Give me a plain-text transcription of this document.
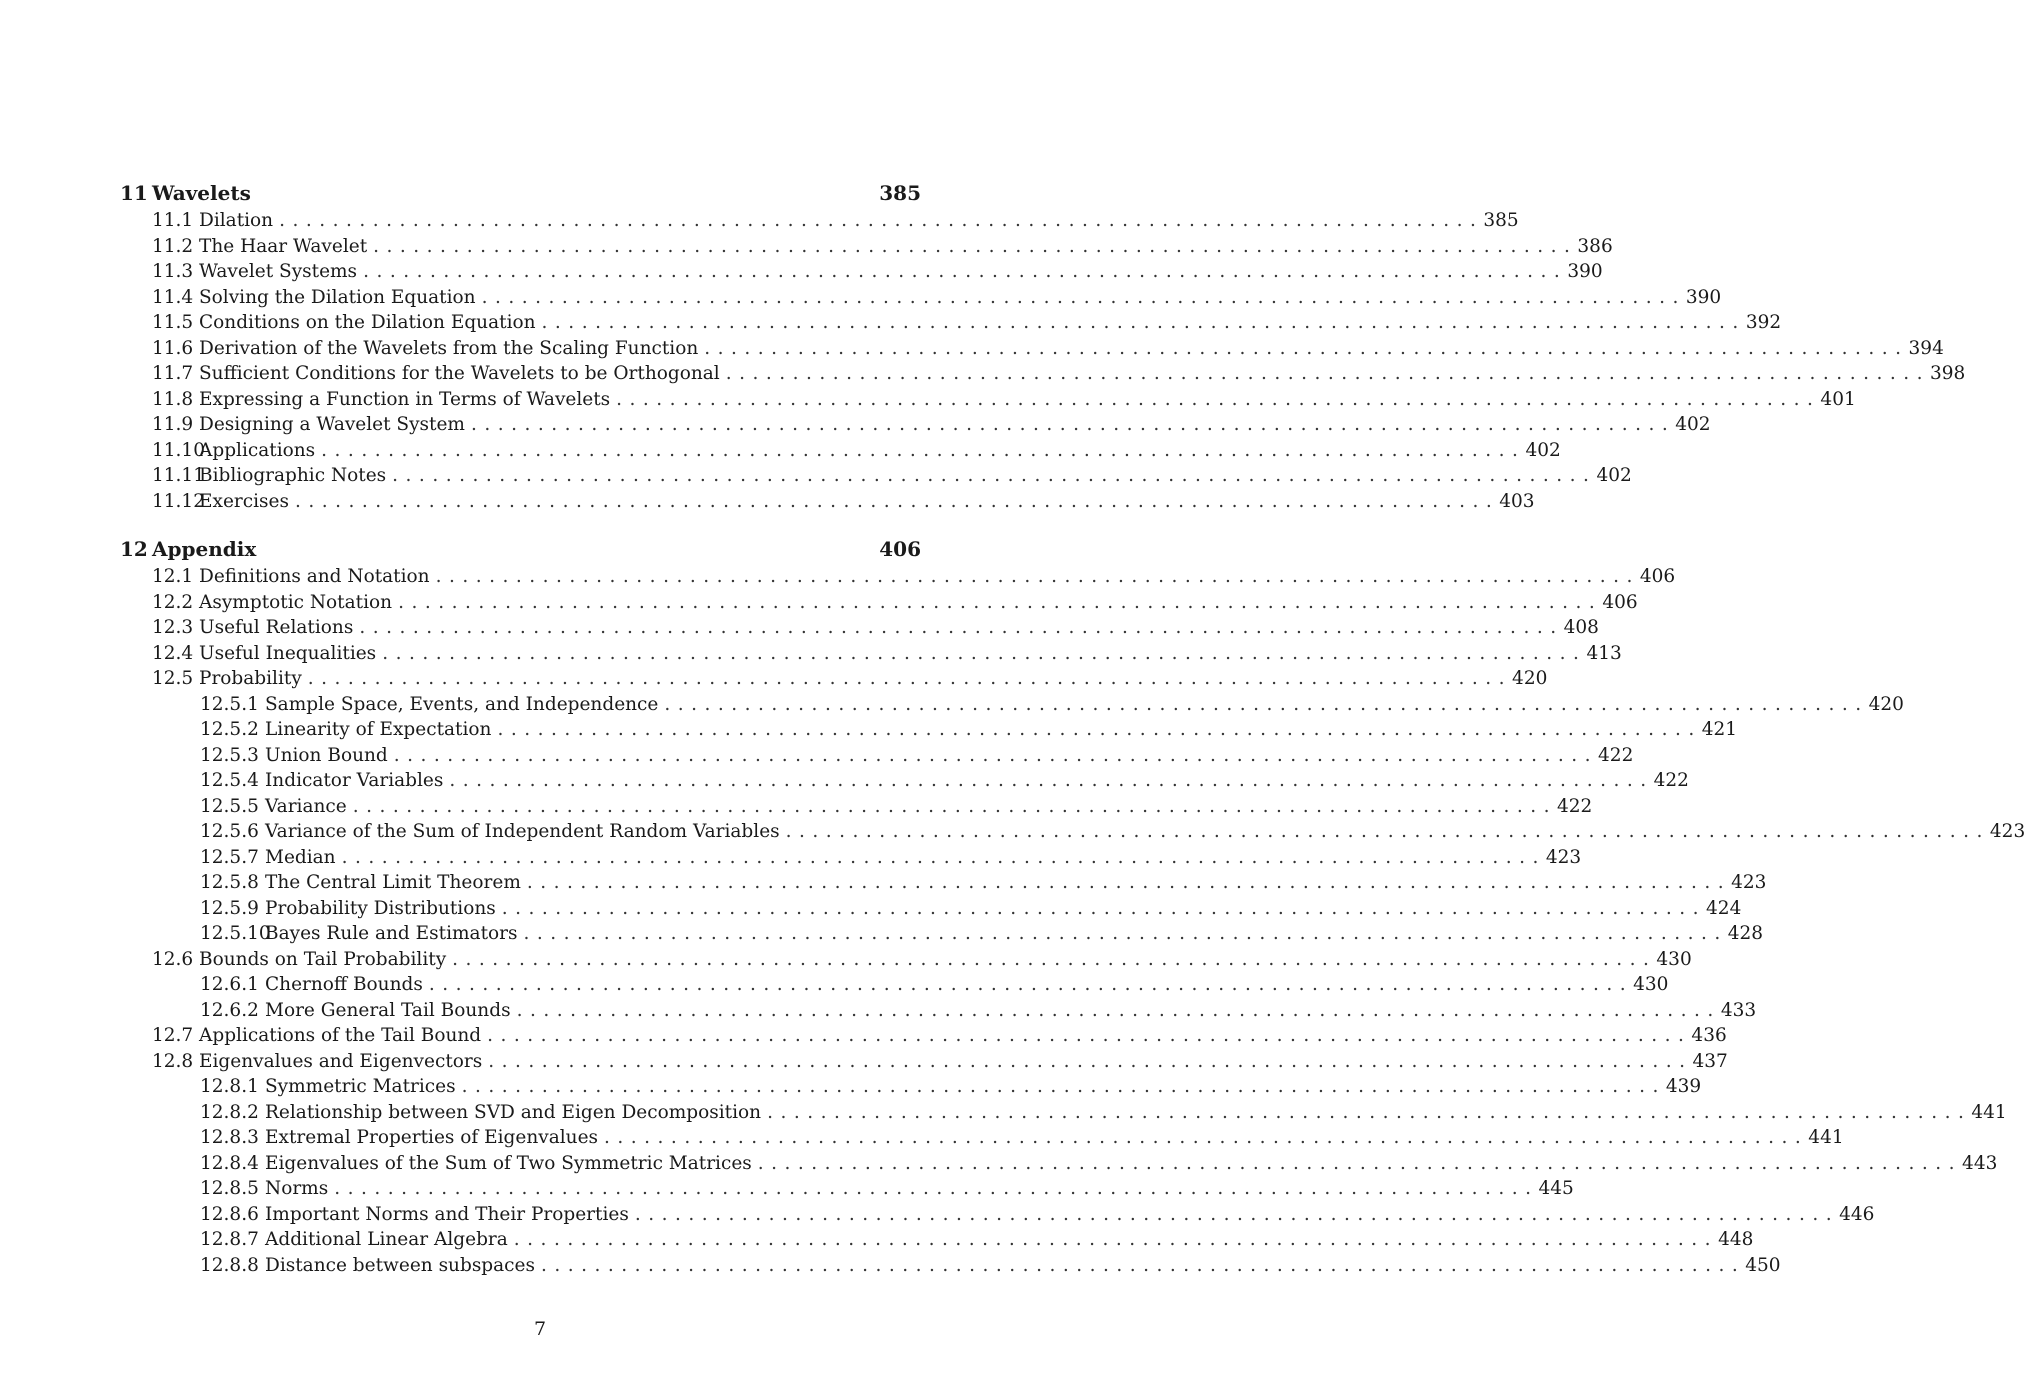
11 Wavelets	385
11.1 Dilation .......................................................................................... 385
11.2 The Haar Wavelet .......................................................................................... 386
11.3 Wavelet Systems .......................................................................................... 390
11.4 Solving the Dilation Equation .......................................................................................... 390
11.5 Conditions on the Dilation Equation .......................................................................................... 392
11.6 Derivation of the Wavelets from the Scaling Function .......................................................................................... 394
11.7 Sufficient Conditions for the Wavelets to be Orthogonal .......................................................................................... 398
11.8 Expressing a Function in Terms of Wavelets .......................................................................................... 401
11.9 Designing a Wavelet System .......................................................................................... 402
11.10
Applications .......................................................................................... 402
11.11
Bibliographic Notes .......................................................................................... 402
11.12
Exercises .......................................................................................... 403
12 Appendix	406
12.1 Definitions and Notation .......................................................................................... 406
12.2 Asymptotic Notation .......................................................................................... 406
12.3 Useful Relations .......................................................................................... 408
12.4 Useful Inequalities .......................................................................................... 413
12.5 Probability .......................................................................................... 420
12.5.1 Sample Space, Events, and Independence .......................................................................................... 420
12.5.2 Linearity of Expectation .......................................................................................... 421
12.5.3 Union Bound .......................................................................................... 422
12.5.4 Indicator Variables .......................................................................................... 422
12.5.5 Variance .......................................................................................... 422
12.5.6 Variance of the Sum of Independent Random Variables .......................................................................................... 423
12.5.7 Median .......................................................................................... 423
12.5.8 The Central Limit Theorem .......................................................................................... 423
12.5.9 Probability Distributions .......................................................................................... 424
12.5.10
Bayes Rule and Estimators .......................................................................................... 428
12.6 Bounds on Tail Probability .......................................................................................... 430
12.6.1 Chernoff Bounds .......................................................................................... 430
12.6.2 More General Tail Bounds .......................................................................................... 433
12.7 Applications of the Tail Bound .......................................................................................... 436
12.8 Eigenvalues and Eigenvectors .......................................................................................... 437
12.8.1 Symmetric Matrices .......................................................................................... 439
12.8.2 Relationship between SVD and Eigen Decomposition .......................................................................................... 441
12.8.3 Extremal Properties of Eigenvalues .......................................................................................... 441
12.8.4 Eigenvalues of the Sum of Two Symmetric Matrices .......................................................................................... 443
12.8.5 Norms .......................................................................................... 445
12.8.6 Important Norms and Their Properties .......................................................................................... 446
12.8.7 Additional Linear Algebra .......................................................................................... 448
12.8.8 Distance between subspaces .......................................................................................... 450
7
